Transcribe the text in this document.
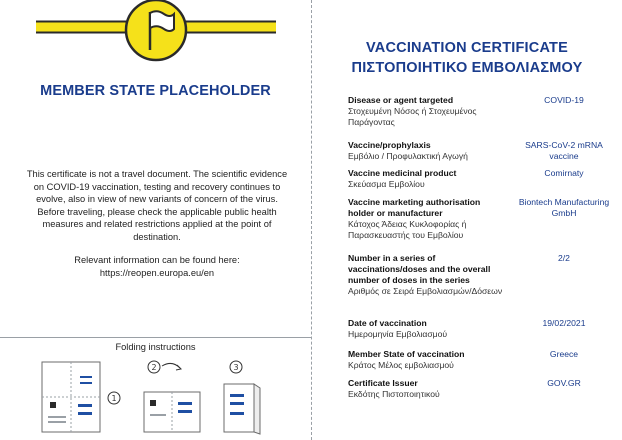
MEMBER STATE PLACEHOLDER
This certificate is not a travel document. The scientific evidence on COVID-19 vaccination, testing and recovery continues to evolve, also in view of new variants of concern of the virus. Before traveling, please check the applicable public health measures and related restrictions applied at the point of destination.
Relevant information can be found here:
https://reopen.europa.eu/en
Folding instructions
1
2	3
VACCINATION CERTIFICATE
ΠΙΣΤΟΠΟΙΗΤΙΚΟ ΕΜΒΟΛΙΑΣΜΟΥ
Disease or agent targeted
Στοχευμένη Νόσος ή Στοχευμένος Παράγοντας
COVID-19
Vaccine/prophylaxis
Εμβόλιο / Προφυλακτική Αγωγή
SARS-CoV-2 mRNA vaccine
Vaccine medicinal product
Σκεύασμα Εμβολίου
Comirnaty
Vaccine marketing authorisation holder or manufacturer
Κάτοχος Άδειας Κυκλοφορίας ή Παρασκευαστής του Εμβολίου
Biontech Manufacturing GmbH
Number in a series of vaccinations/doses and the overall number of doses in the series
Αριθμός σε Σειρά Εμβολιασμών/Δόσεων
2/2
Date of vaccination
Ημερομηνία Εμβολιασμού
19/02/2021
Member State of vaccination
Κράτος Μέλος εμβολιασμού
Greece
Certificate Issuer
Εκδότης Πιστοποιητικού
GOV.GR
